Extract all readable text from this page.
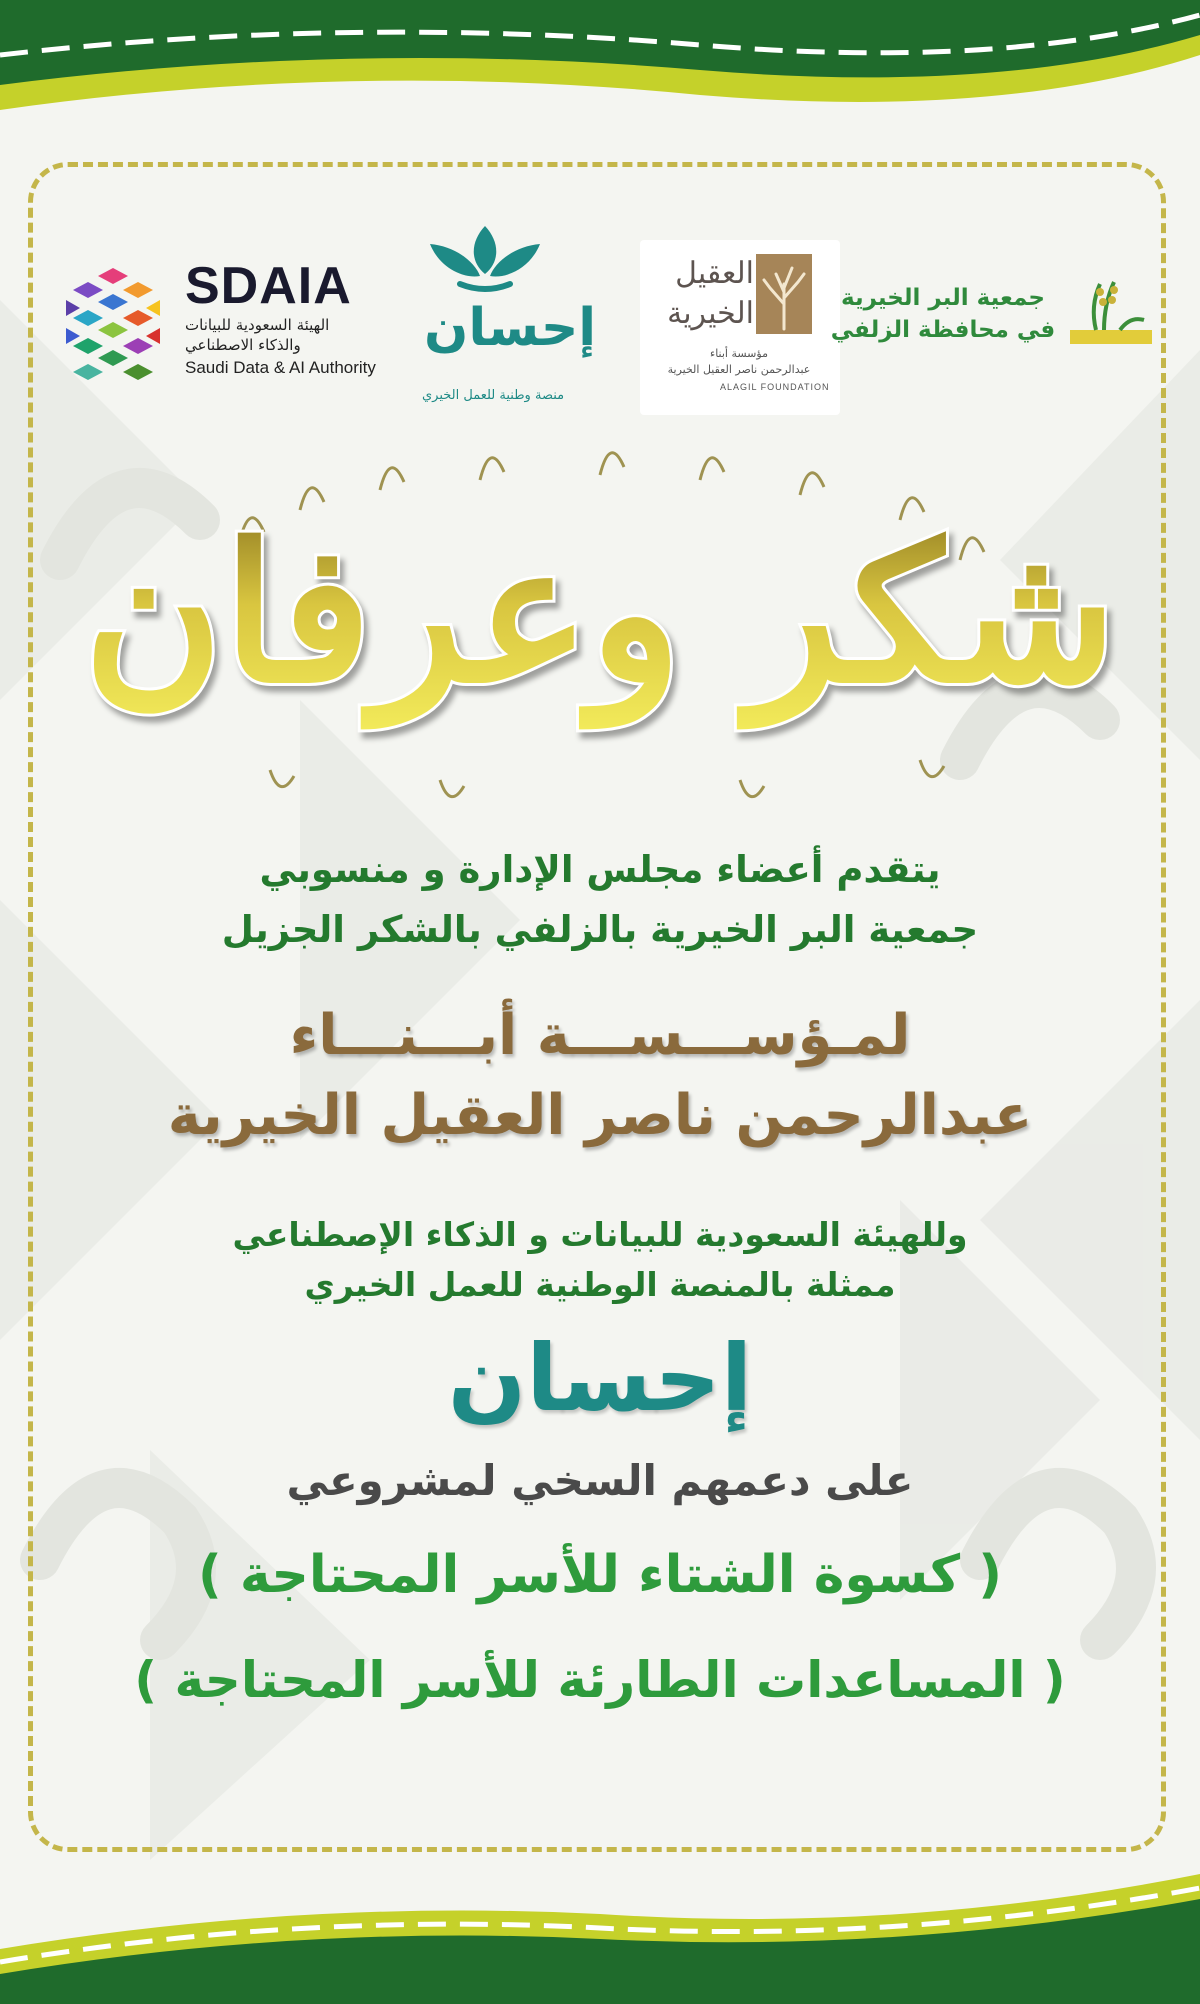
SDAIA
الهيئة السعودية للبيانات
والذكاء الاصطناعي
Saudi Data & AI Authority
إحسان
منصة وطنية للعمل الخيري
العقيل
الخيرية
مؤسسة أبناء
عبدالرحمن ناصر العقيل الخيرية
ALAGIL FOUNDATION
جمعية البر الخيرية
في محافظة الزلفي
شكر وعرفان
يتقدم أعضاء مجلس الإدارة و منسوبي
جمعية البر الخيرية بالزلفي بالشكر الجزيل
لمـؤســـســـة أبـــنـــاء
عبدالرحمن ناصر العقيل الخيرية
وللهيئة السعودية للبيانات و الذكاء الإصطناعي
ممثلة بالمنصة الوطنية للعمل الخيري
إحسان
على دعمهم السخي لمشروعي
( كسوة الشتاء للأسر المحتاجة )
( المساعدات الطارئة للأسر المحتاجة )
